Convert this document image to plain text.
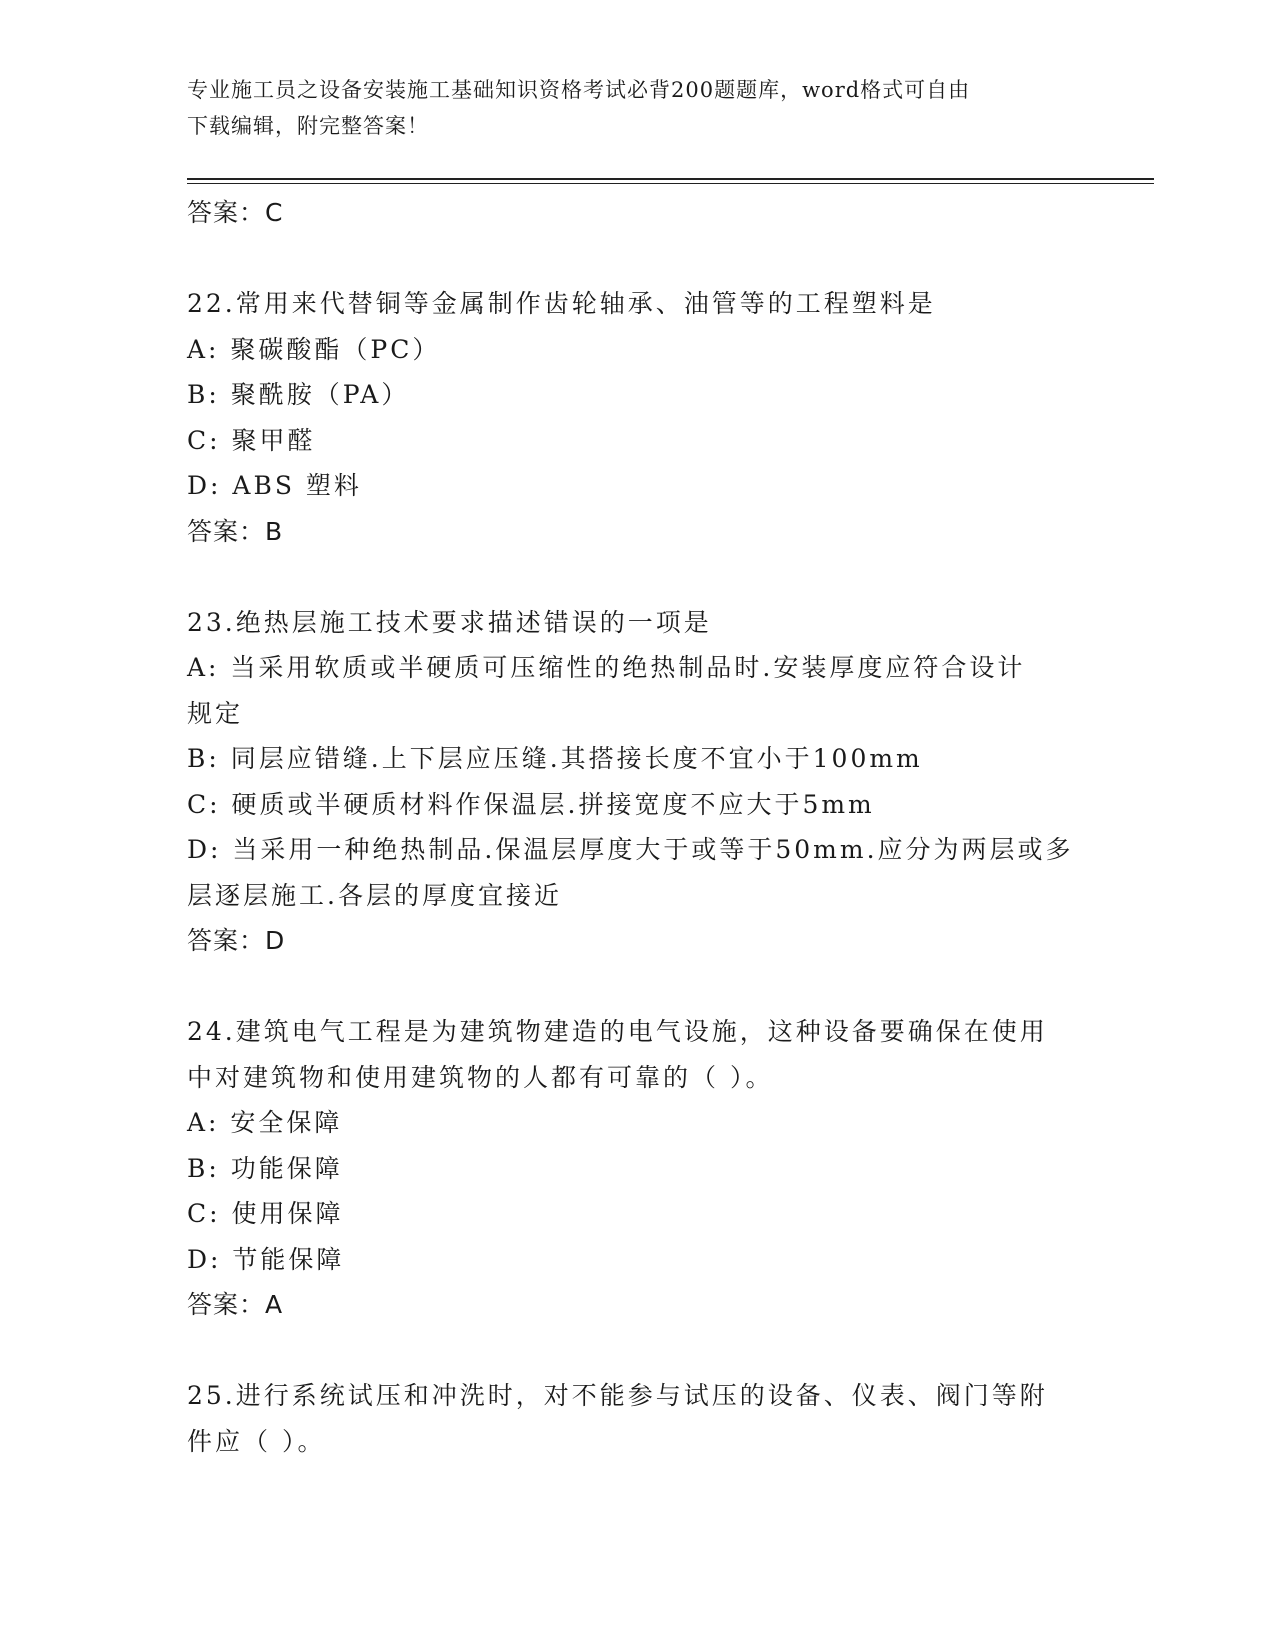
专业施工员之设备安装施工基础知识资格考试必背200题题库，word格式可自由
下载编辑，附完整答案！
答案：C
22.常用来代替铜等金属制作齿轮轴承、油管等的工程塑料是
A: 聚碳酸酯（PC）
B: 聚酰胺（PA）
C: 聚甲醛
D: ABS 塑料
答案：B
23.绝热层施工技术要求描述错误的一项是
A: 当采用软质或半硬质可压缩性的绝热制品时.安装厚度应符合设计
规定
B: 同层应错缝.上下层应压缝.其搭接长度不宜小于100mm
C: 硬质或半硬质材料作保温层.拼接宽度不应大于5mm
D: 当采用一种绝热制品.保温层厚度大于或等于50mm.应分为两层或多
层逐层施工.各层的厚度宜接近
答案：D
24.建筑电气工程是为建筑物建造的电气设施，这种设备要确保在使用
中对建筑物和使用建筑物的人都有可靠的（ ）。
A: 安全保障
B: 功能保障
C: 使用保障
D: 节能保障
答案：A
25.进行系统试压和冲洗时，对不能参与试压的设备、仪表、阀门等附
件应（ ）。
